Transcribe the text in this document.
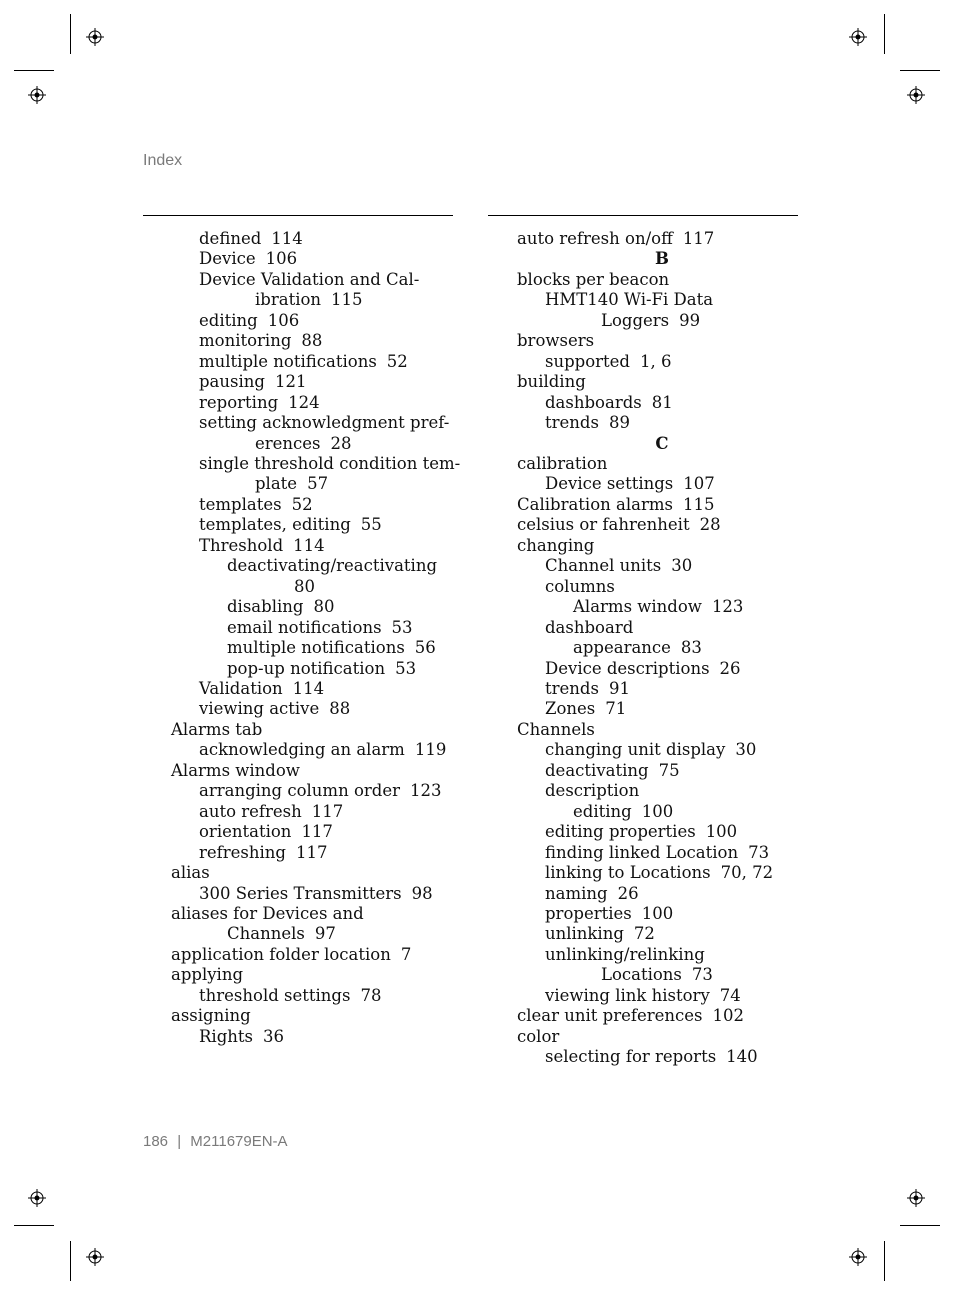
Index
defined 114
Device 106
Device Validation and Cal-
ibration 115
editing 106
monitoring 88
multiple notifications 52
pausing 121
reporting 124
setting acknowledgment pref-
erences 28
single threshold condition tem-
plate 57
templates 52
templates, editing 55
Threshold 114
deactivating/reactivating
80
disabling 80
email notifications 53
multiple notifications 56
pop-up notification 53
Validation 114
viewing active 88
Alarms tab
acknowledging an alarm 119
Alarms window
arranging column order 123
auto refresh 117
orientation 117
refreshing 117
alias
300 Series Transmitters 98
aliases for Devices and
Channels 97
application folder location 7
applying
threshold settings 78
assigning
Rights 36
auto refresh on/off 117
B
blocks per beacon
HMT140 Wi-Fi Data
Loggers 99
browsers
supported 1, 6
building
dashboards 81
trends 89
C
calibration
Device settings 107
Calibration alarms 115
celsius or fahrenheit 28
changing
Channel units 30
columns
Alarms window 123
dashboard
appearance 83
Device descriptions 26
trends 91
Zones 71
Channels
changing unit display 30
deactivating 75
description
editing 100
editing properties 100
finding linked Location 73
linking to Locations 70, 72
naming 26
properties 100
unlinking 72
unlinking/relinking
Locations 73
viewing link history 74
clear unit preferences 102
color
selecting for reports 140
186 | M211679EN-A
